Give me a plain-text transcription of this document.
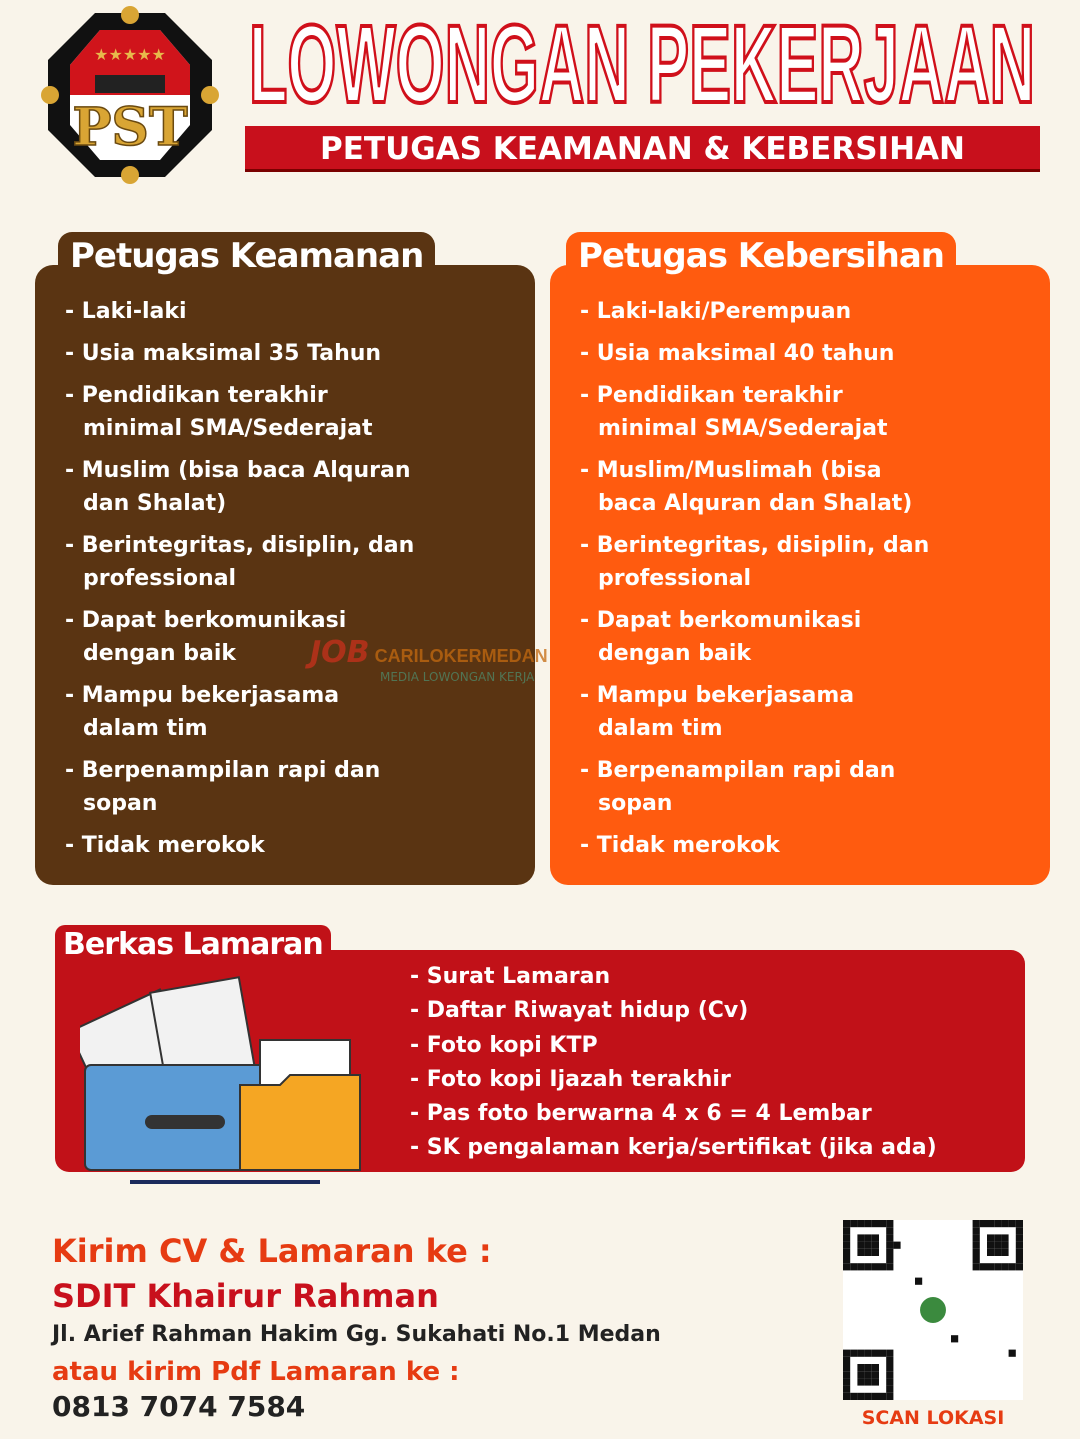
★★★★★
PST
LOWONGAN PEKERJAAN
PETUGAS KEAMANAN & KEBERSIHAN
- Laki-laki
- Usia maksimal 35 Tahun
- Pendidikan terakhir
minimal SMA/Sederajat
- Muslim (bisa baca Alquran
dan Shalat)
- Berintegritas, disiplin, dan
professional
- Dapat berkomunikasi
dengan baik
- Mampu bekerjasama
dalam tim
- Berpenampilan rapi dan
sopan
- Tidak merokok
Petugas Keamanan
- Laki-laki/Perempuan
- Usia maksimal 40 tahun
- Pendidikan terakhir
minimal SMA/Sederajat
- Muslim/Muslimah (bisa
baca Alquran dan Shalat)
- Berintegritas, disiplin, dan
professional
- Dapat berkomunikasi
dengan baik
- Mampu bekerjasama
dalam tim
- Berpenampilan rapi dan
sopan
- Tidak merokok
Petugas Kebersihan
JOB CARILOKERMEDAN
MEDIA LOWONGAN KERJA
Berkas Lamaran
- Surat Lamaran
- Daftar Riwayat hidup (Cv)
- Foto kopi KTP
- Foto kopi Ijazah terakhir
- Pas foto berwarna 4 x 6 = 4 Lembar
- SK pengalaman kerja/sertifikat (jika ada)
Kirim CV & Lamaran ke :
SDIT Khairur Rahman
Jl. Arief Rahman Hakim Gg. Sukahati No.1 Medan
atau kirim Pdf Lamaran ke :
0813 7074 7584	SCAN LOKASI
